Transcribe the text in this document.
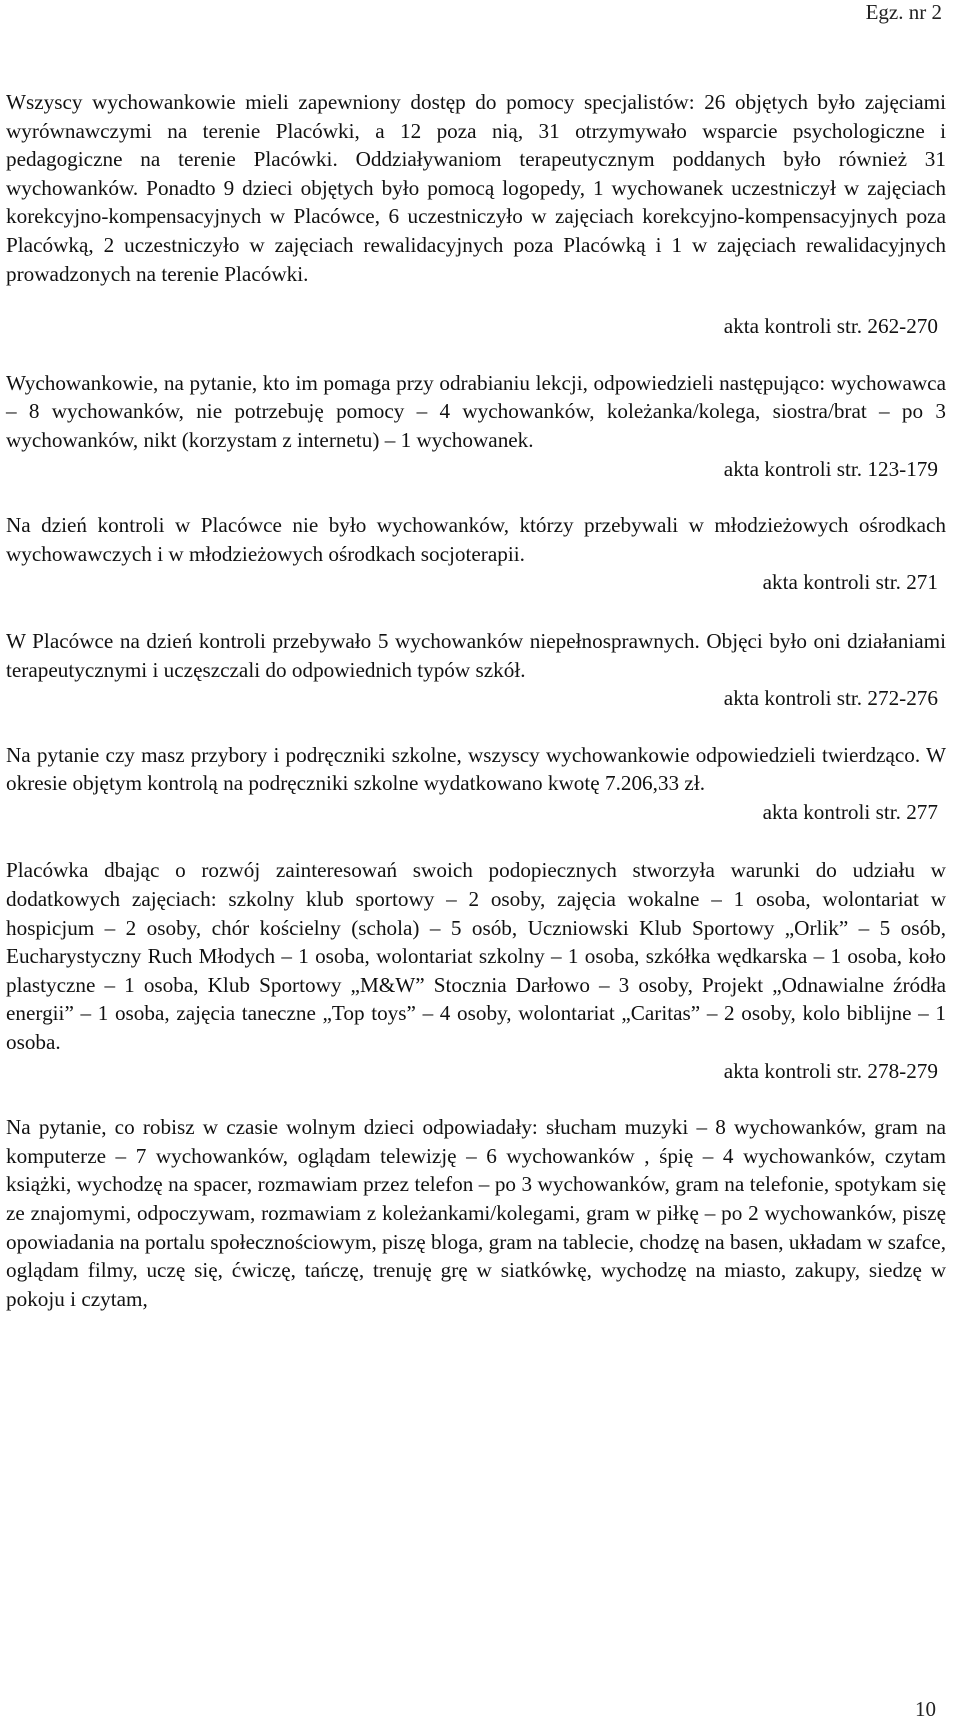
Egz. nr 2

Wszyscy wychowankowie mieli zapewniony dostęp do pomocy specjalistów: 26 objętych było zajęciami wyrównawczymi na terenie Placówki, a 12 poza nią, 31 otrzymywało wsparcie psychologiczne i pedagogiczne na terenie Placówki. Oddziaływaniom terapeutycznym poddanych było również 31 wychowanków. Ponadto 9 dzieci objętych było pomocą logopedy, 1 wychowanek uczestniczył w zajęciach korekcyjno-kompensacyjnych w Placówce, 6 uczestniczyło w zajęciach korekcyjno-kompensacyjnych poza Placówką, 2 uczestniczyło w zajęciach rewalidacyjnych poza Placówką i 1 w zajęciach rewalidacyjnych prowadzonych na terenie Placówki.

akta kontroli str. 262-270

Wychowankowie, na pytanie, kto im pomaga przy odrabianiu lekcji, odpowiedzieli następująco: wychowawca – 8 wychowanków, nie potrzebuję pomocy – 4 wychowanków, koleżanka/kolega, siostra/brat – po 3 wychowanków, nikt (korzystam z internetu) – 1 wychowanek.

akta kontroli str. 123-179

Na dzień kontroli w Placówce nie było wychowanków, którzy przebywali w młodzieżowych ośrodkach wychowawczych i w młodzieżowych ośrodkach socjoterapii.

akta kontroli str. 271

W Placówce na dzień kontroli przebywało 5 wychowanków niepełnosprawnych. Objęci było oni działaniami terapeutycznymi i uczęszczali do odpowiednich typów szkół.

akta kontroli str. 272-276

Na pytanie czy masz przybory i podręczniki szkolne, wszyscy wychowankowie odpowiedzieli twierdząco. W okresie objętym kontrolą na podręczniki szkolne wydatkowano kwotę 7.206,33 zł.

akta kontroli str. 277

Placówka dbając o rozwój zainteresowań swoich podopiecznych stworzyła warunki do udziału w dodatkowych zajęciach: szkolny klub sportowy – 2 osoby, zajęcia wokalne – 1 osoba, wolontariat w hospicjum – 2 osoby, chór kościelny (schola) – 5 osób, Uczniowski Klub Sportowy „Orlik” – 5 osób, Eucharystyczny Ruch Młodych – 1 osoba, wolontariat szkolny – 1 osoba, szkółka wędkarska – 1 osoba, koło plastyczne – 1 osoba, Klub Sportowy „M&W” Stocznia Darłowo – 3 osoby, Projekt „Odnawialne źródła energii” – 1 osoba, zajęcia taneczne „Top toys” – 4 osoby, wolontariat „Caritas” – 2 osoby, kolo biblijne – 1 osoba.

akta kontroli str. 278-279

Na pytanie, co robisz w czasie wolnym dzieci odpowiadały: słucham muzyki – 8 wychowanków, gram na komputerze – 7 wychowanków, oglądam telewizję – 6 wychowanków , śpię – 4 wychowanków, czytam książki, wychodzę na spacer, rozmawiam przez telefon – po 3 wychowanków, gram na telefonie, spotykam się ze znajomymi, odpoczywam, rozmawiam z koleżankami/kolegami, gram w piłkę – po 2 wychowanków, piszę opowiadania na portalu społecznościowym, piszę bloga, gram na tablecie, chodzę na basen, układam w szafce, oglądam filmy, uczę się, ćwiczę, tańczę, trenuję grę w siatkówkę, wychodzę na miasto, zakupy, siedzę w pokoju i czytam,

10
